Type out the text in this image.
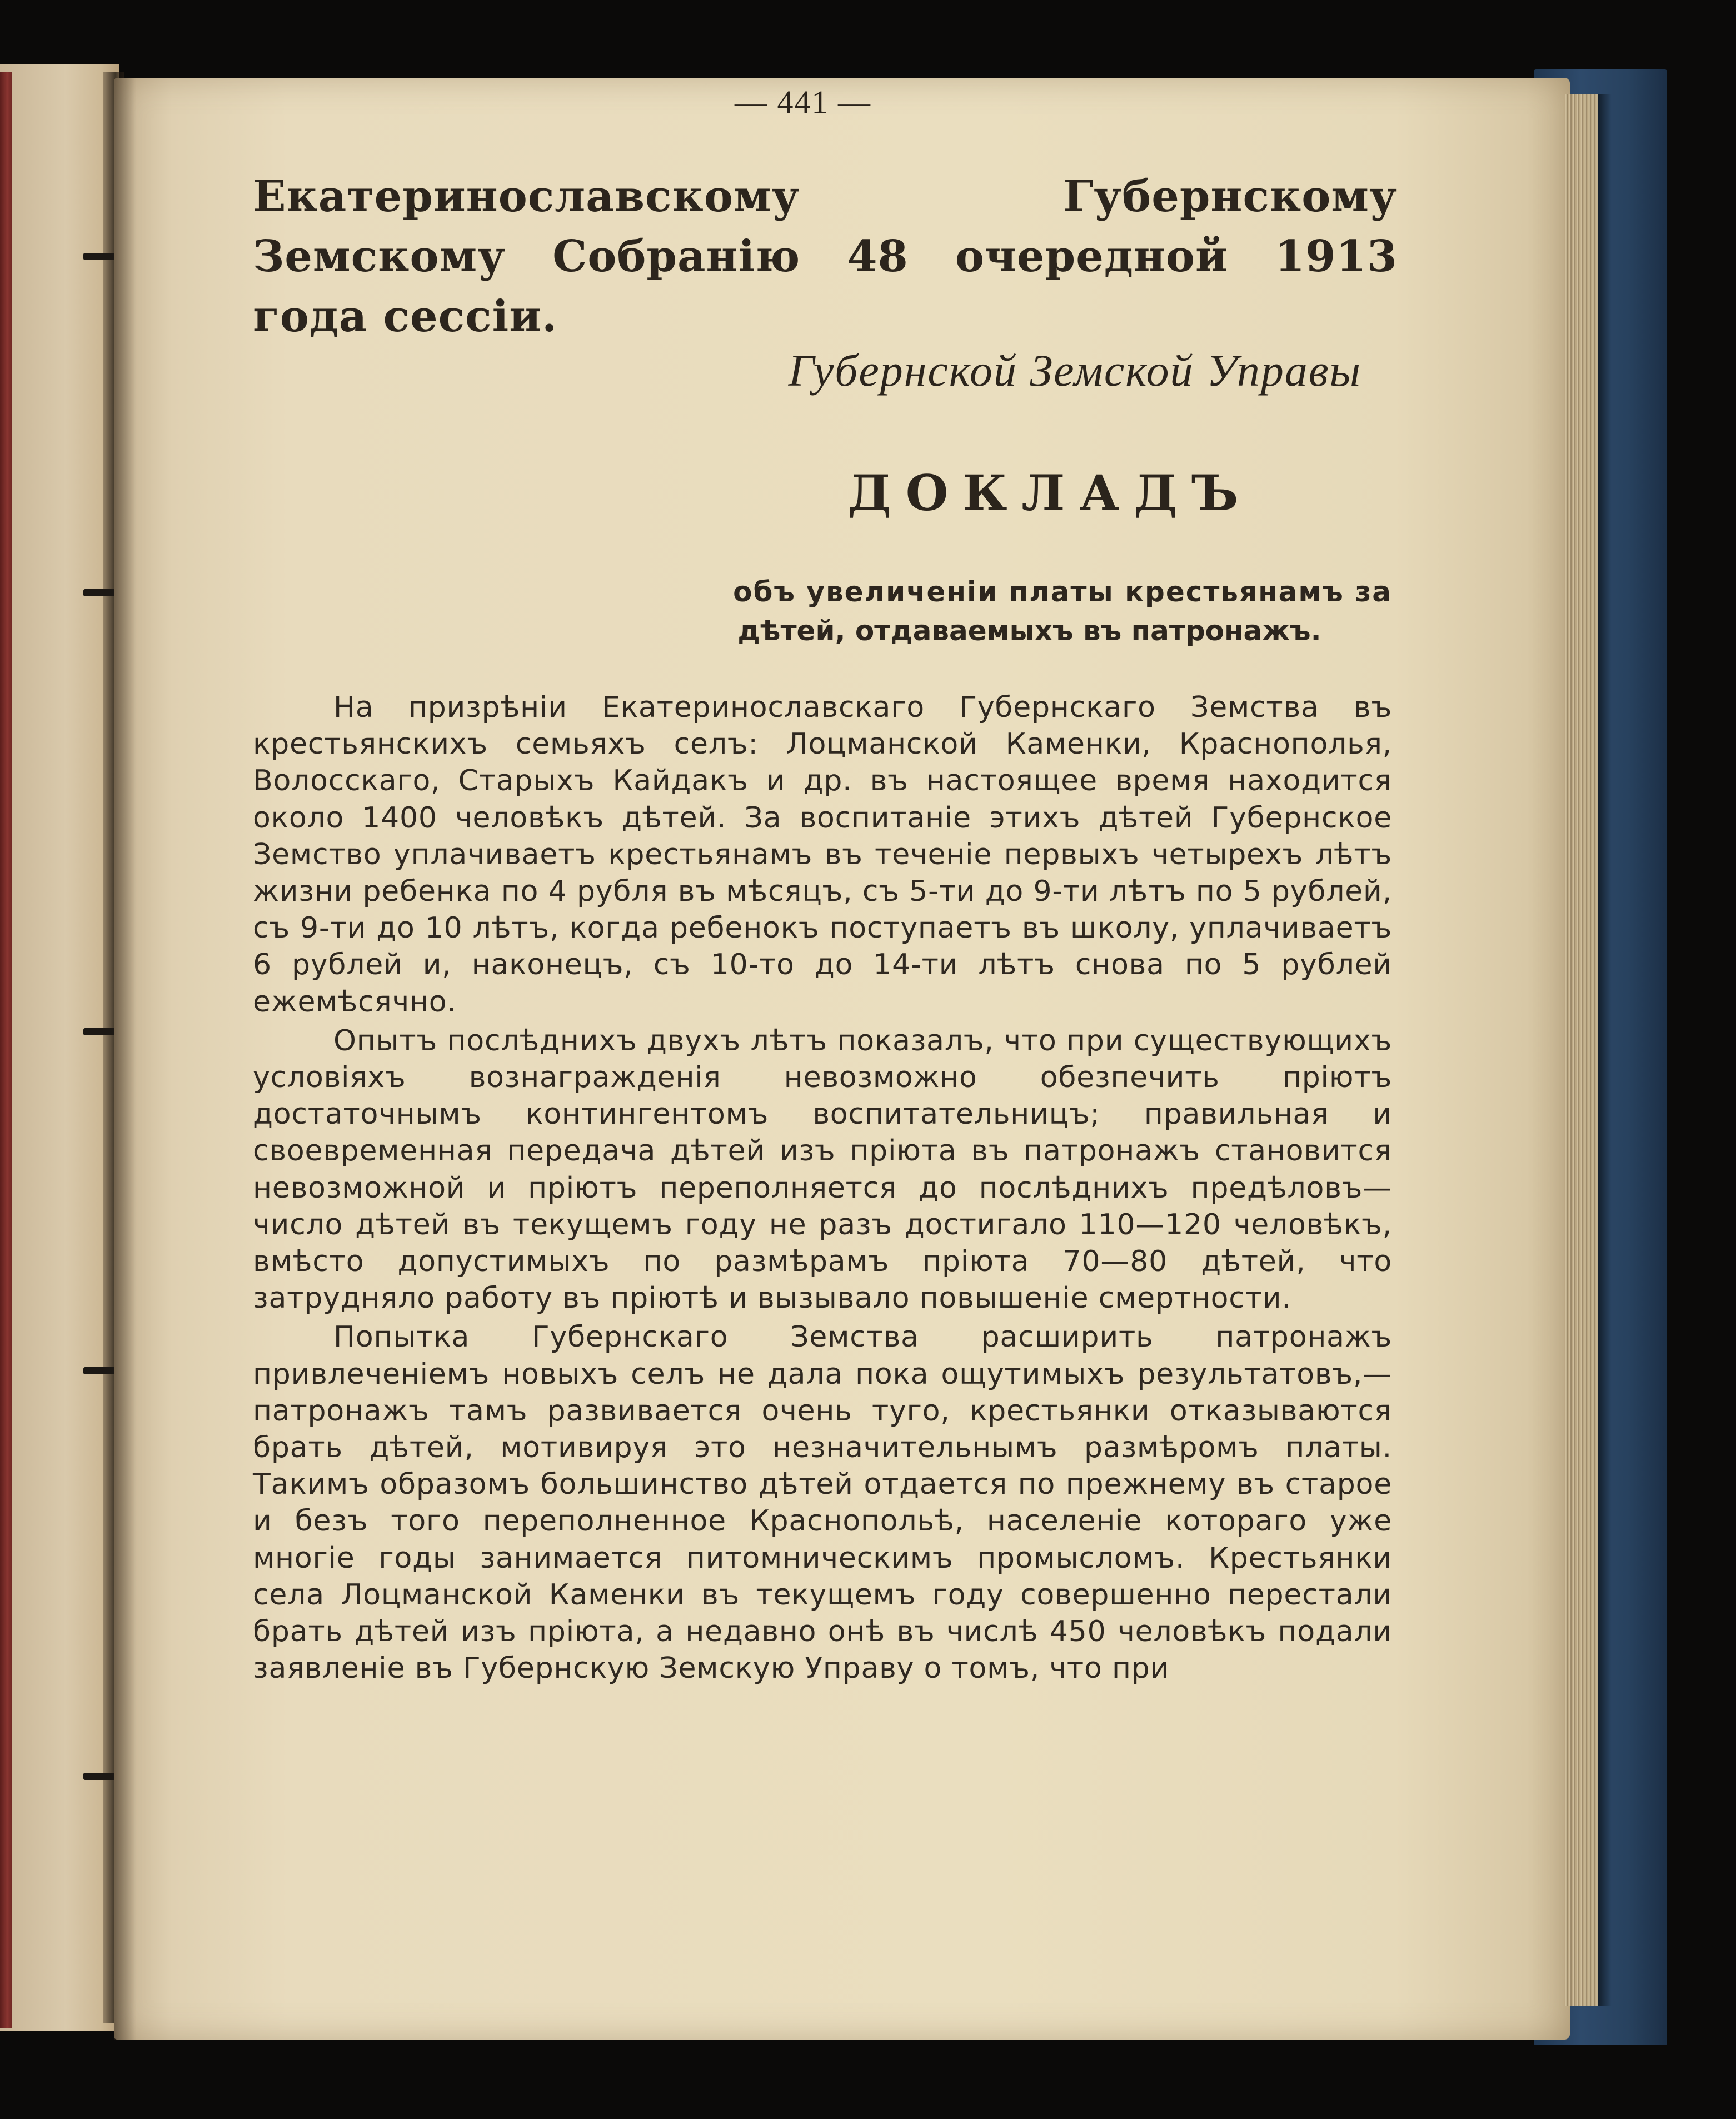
— 441 —
Екатеринославскому Губернскому Земскому Собранію 48 очередной 1913 года сессіи.
Губернской Земской Управы
ДОКЛАДЪ
объ увеличеніи платы крестьянамъ за
дѣтей, отдаваемыхъ въ патронажъ.

На призрѣніи Екатеринославскаго Губернскаго Земства въ крестьянскихъ семьяхъ селъ: Лоцманской Каменки, Краснополья, Волосскаго, Старыхъ Кайдакъ и др. въ настоящее время находится около 1400 человѣкъ дѣтей. За воспитаніе этихъ дѣтей Губернское Земство уплачиваетъ крестьянамъ въ теченіе первыхъ четырехъ лѣтъ жизни ребенка по 4 рубля въ мѣсяцъ, съ 5-ти до 9-ти лѣтъ по 5 рублей, съ 9-ти до 10 лѣтъ, когда ребенокъ поступаетъ въ школу, уплачиваетъ 6 рублей и, наконецъ, съ 10-то до 14-ти лѣтъ снова по 5 рублей ежемѣсячно.

Опытъ послѣднихъ двухъ лѣтъ показалъ, что при существующихъ условіяхъ вознагражденія невозможно обезпечить пріютъ достаточнымъ контингентомъ воспитательницъ; правильная и своевременная передача дѣтей изъ пріюта въ патронажъ становится невозможной и пріютъ переполняется до послѣднихъ предѣловъ—число дѣтей въ текущемъ году не разъ достигало 110—120 человѣкъ, вмѣсто допустимыхъ по размѣрамъ пріюта 70—80 дѣтей, что затрудняло работу въ пріютѣ и вызывало повышеніе смертности.

Попытка Губернскаго Земства расширить патронажъ привлеченіемъ новыхъ селъ не дала пока ощутимыхъ результатовъ,—патронажъ тамъ развивается очень туго, крестьянки отказываются брать дѣтей, мотивируя это незначительнымъ размѣромъ платы. Такимъ образомъ большинство дѣтей отдается по прежнему въ старое и безъ того переполненное Краснопольѣ, населеніе котораго уже многіе годы занимается питомническимъ промысломъ. Крестьянки села Лоцманской Каменки въ текущемъ году совершенно перестали брать дѣтей изъ пріюта, а недавно онѣ въ числѣ 450 человѣкъ подали заявленіе въ Губернскую Земскую Управу о томъ, что при
